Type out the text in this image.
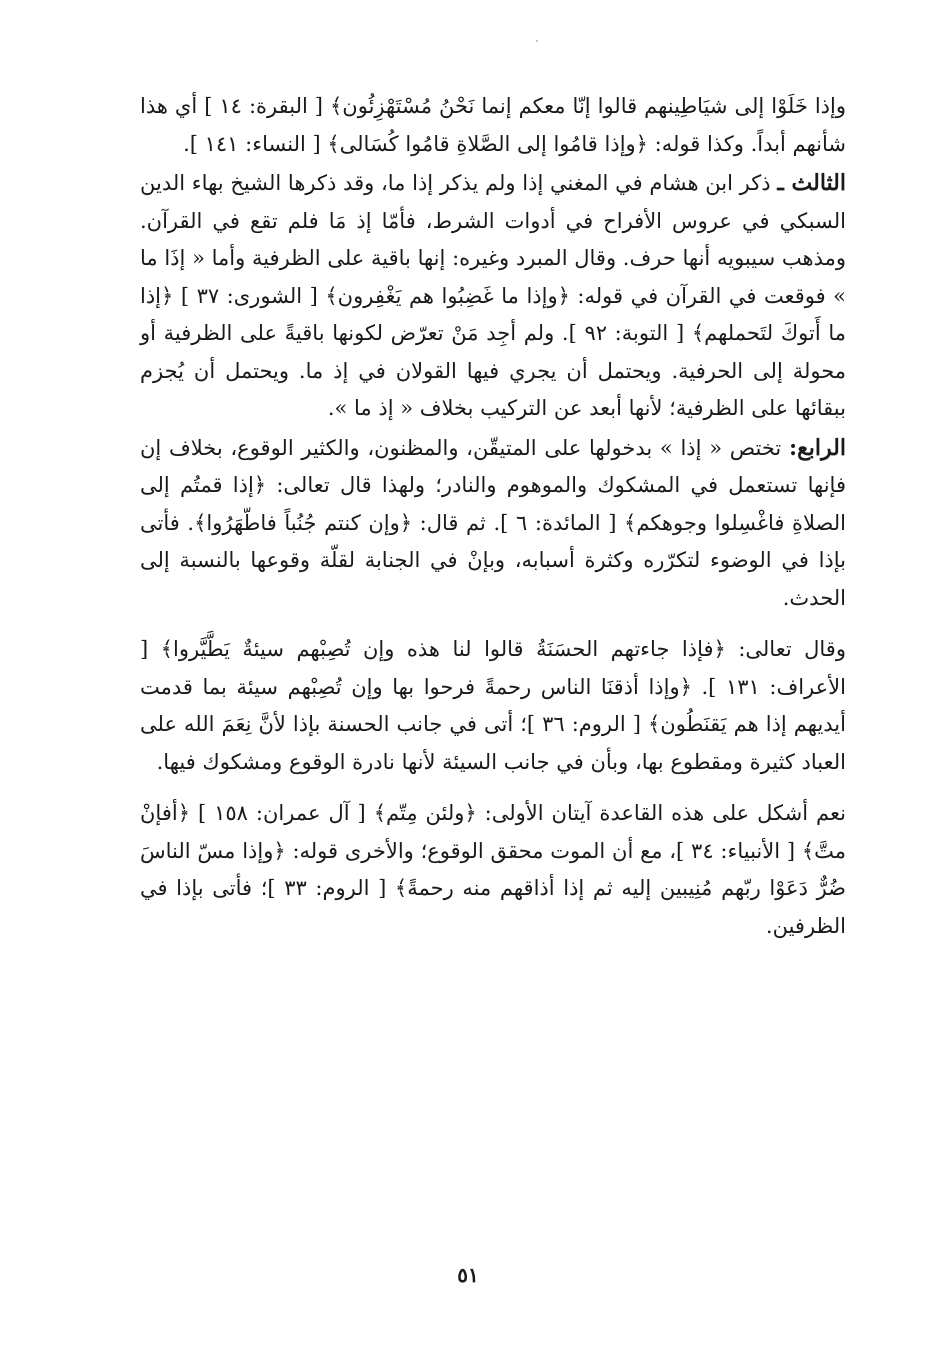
وإذا خَلَوْا إلى شيَاطِينهم قالوا إنّا معكم إنما نَحْنُ مُسْتَهْزِئُون﴾ [ البقرة: ١٤ ] أي هذا شأنهم أبداً. وكذا قوله: ﴿وإذا قامُوا إلى الصَّلاةِ قامُوا كُسَالى﴾ [ النساء: ١٤١ ].

الثالث ـ ذكر ابن هشام في المغني إذا ولم يذكر إذا ما، وقد ذكرها الشيخ بهاء الدين السبكي في عروس الأفراح في أدوات الشرط، فأمّا إذ مَا فلم تقع في القرآن. ومذهب سيبويه أنها حرف. وقال المبرد وغيره: إنها باقية على الظرفية وأما « إذَا ما » فوقعت في القرآن في قوله: ﴿وإذا ما غَضِبُوا هم يَغْفِرون﴾ [ الشورى: ٣٧ ] ﴿إذا ما أَتوكَ لتَحملهم﴾ [ التوبة: ٩٢ ]. ولم أجِد مَنْ تعرّض لكونها باقيةً على الظرفية أو محولة إلى الحرفية. ويحتمل أن يجري فيها القولان في إذ ما. ويحتمل أن يُجزم ببقائها على الظرفية؛ لأنها أبعد عن التركيب بخلاف « إذ ما ».

الرابع: تختص « إذا » بدخولها على المتيقّن، والمظنون، والكثير الوقوع، بخلاف إن فإنها تستعمل في المشكوك والموهوم والنادر؛ ولهذا قال تعالى: ﴿إذا قمتُم إلى الصلاةِ فاغْسِلوا وجوهكم﴾ [ المائدة: ٦ ]. ثم قال: ﴿وإن كنتم جُنُباً فاطّهَرُوا﴾. فأتى بإذا في الوضوء لتكرّره وكثرة أسبابه، وبإنْ في الجنابة لقلّة وقوعها بالنسبة إلى الحدث.

وقال تعالى: ﴿فإذا جاءتهم الحسَنَةُ قالوا لنا هذه وإن تُصِبْهم سيئةٌ يَطَّيَّروا﴾ [ الأعراف: ١٣١ ]. ﴿وإذا أذقنَا الناس رحمةً فرحوا بها وإن تُصِبْهم سيئة بما قدمت أيديهم إذا هم يَقنَطُون﴾ [ الروم: ٣٦ ]؛ أتى في جانب الحسنة بإذا لأنَّ نِعَمَ الله على العباد كثيرة ومقطوع بها، وبأن في جانب السيئة لأنها نادرة الوقوع ومشكوك فيها.

نعم أشكل على هذه القاعدة آيتان الأولى: ﴿ولئن مِتّم﴾ [ آل عمران: ١٥٨ ] ﴿أفإنْ متَّ﴾ [ الأنبياء: ٣٤ ]، مع أن الموت محقق الوقوع؛ والأخرى قوله: ﴿وإذا مسّ الناسَ ضُرٌّ دَعَوْا ربّهم مُنِيبين إليه ثم إذا أذاقهم منه رحمةً﴾ [ الروم: ٣٣ ]؛ فأتى بإذا في الظرفين.

٥١
